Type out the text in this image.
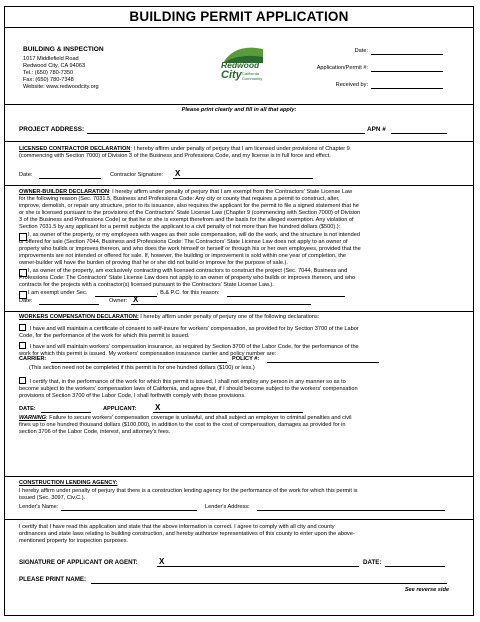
BUILDING PERMIT APPLICATION
BUILDING & INSPECTION
1017 Middlefield Road
Redwood City, CA 94063
Tel.: (650) 780-7350
Fax: (650) 780-7348
Website: www.redwoodcity.org
Redwood
City California
Community
Date:
Application/Permit #:
Received by:
Please print clearly and fill in all that apply:
PROJECT ADDRESS:	APN #
LICENSED CONTRACTOR DECLARATION: I hereby affirm under penalty of perjury that I am licensed under provisions of Chapter 9
(commencing with Section 7000) of Division 3 of the Business and Professions Code, and my license is in full force and effect.
Date:	Contractor Signature: X
OWNER-BUILDER DECLARATION: I hereby affirm under penalty of perjury that I am exempt from the Contractors' State License Law
for the following reason (Sec. 7031.5, Business and Professions Code: Any city or county that requires a permit to construct, alter,
improve, demolish, or repair any structure, prior to its issuance, also requires the applicant for the permit to file a signed statement that he
or she is licensed pursuant to the provisions of the Contractors' State License Law (Chapter 9 (commencing with Section 7000) of Division
3 of the Business and Professions Code) or that he or she is exempt therefrom and the basis for the alleged exemption. Any violation of
Section 7031.5 by any applicant for a permit subjects the applicant to a civil penalty of not more than five hundred dollars ($500).):
I, as owner of the property, or my employees with wages as their sole compensation, will do the work, and the structure is not intended
or offered for sale (Section 7044, Business and Professions Code: The Contractors' State License Law does not apply to an owner of
property who builds or improves thereon, and who does the work himself or herself or through his or her own employees, provided that the
improvements are not intended or offered for sale. If, however, the building or improvement is sold within one year of completion, the
owner-builder will have the burden of proving that he or she did not build or improve for the purpose of sale.).
I, as owner of the property, am exclusively contracting with licensed contractors to construct the project (Sec. 7044, Business and
Professions Code: The Contractors' State License Law does not apply to an owner of property who builds or improves thereon, and who
contracts for the projects with a contractor(s) licensed pursuant to the Contractors' State License Law.).
I am exempt under Sec.	, B.& P.C. for this reason:
Date:	Owner: X
WORKERS COMPENSATION DECLARATION: I hereby affirm under penalty of perjury one of the following declarations:
I have and will maintain a certificate of consent to self-insure for workers' compensation, as provided for by Section 3700 of the Labor
Code, for the performance of the work for which this permit is issued.
I have and will maintain workers' compensation insurance, as required by Section 3700 of the Labor Code, for the performance of the
work for which this permit is issued. My workers' compensation insurance carrier and policy number are:
CARRIER:	POLICY #:
(This section need not be completed if this permit is for one hundred dollars ($100) or less.)
I certify that, in the performance of the work for which this permit is issued, I shall not employ any person in any manner so as to
become subject to the workers' compensation laws of California, and agree that, if I should become subject to the workers' compensation
provisions of Section 3700 of the Labor Code, I shall forthwith comply with those provisions.
DATE:	APPLICANT: X
WARNING: Failure to secure workers' compensation coverage is unlawful, and shall subject an employer to criminal penalties and civil
fines up to one hundred thousand dollars ($100,000), in addition to the cost to the cost of compensation, damages as provided for in
section 3706 of the Labor Code, interest, and attorney's fees.
CONSTRUCTION LENDING AGENCY:
I hereby affirm under penalty of perjury that there is a construction lending agency for the performance of the work for which this permit is
issued (Sec. 3097, Civ.C.).
Lender's Name:	Lender's Address:
I certify that I have read this application and state that the above information is correct. I agree to comply with all city and county
ordinances and state laws relating to building construction, and hereby authorize representatives of this county to enter upon the above-
mentioned property for inspection purposes.
SIGNATURE OF APPLICANT OR AGENT:	X	DATE:
PLEASE PRINT NAME:
See reverse side
